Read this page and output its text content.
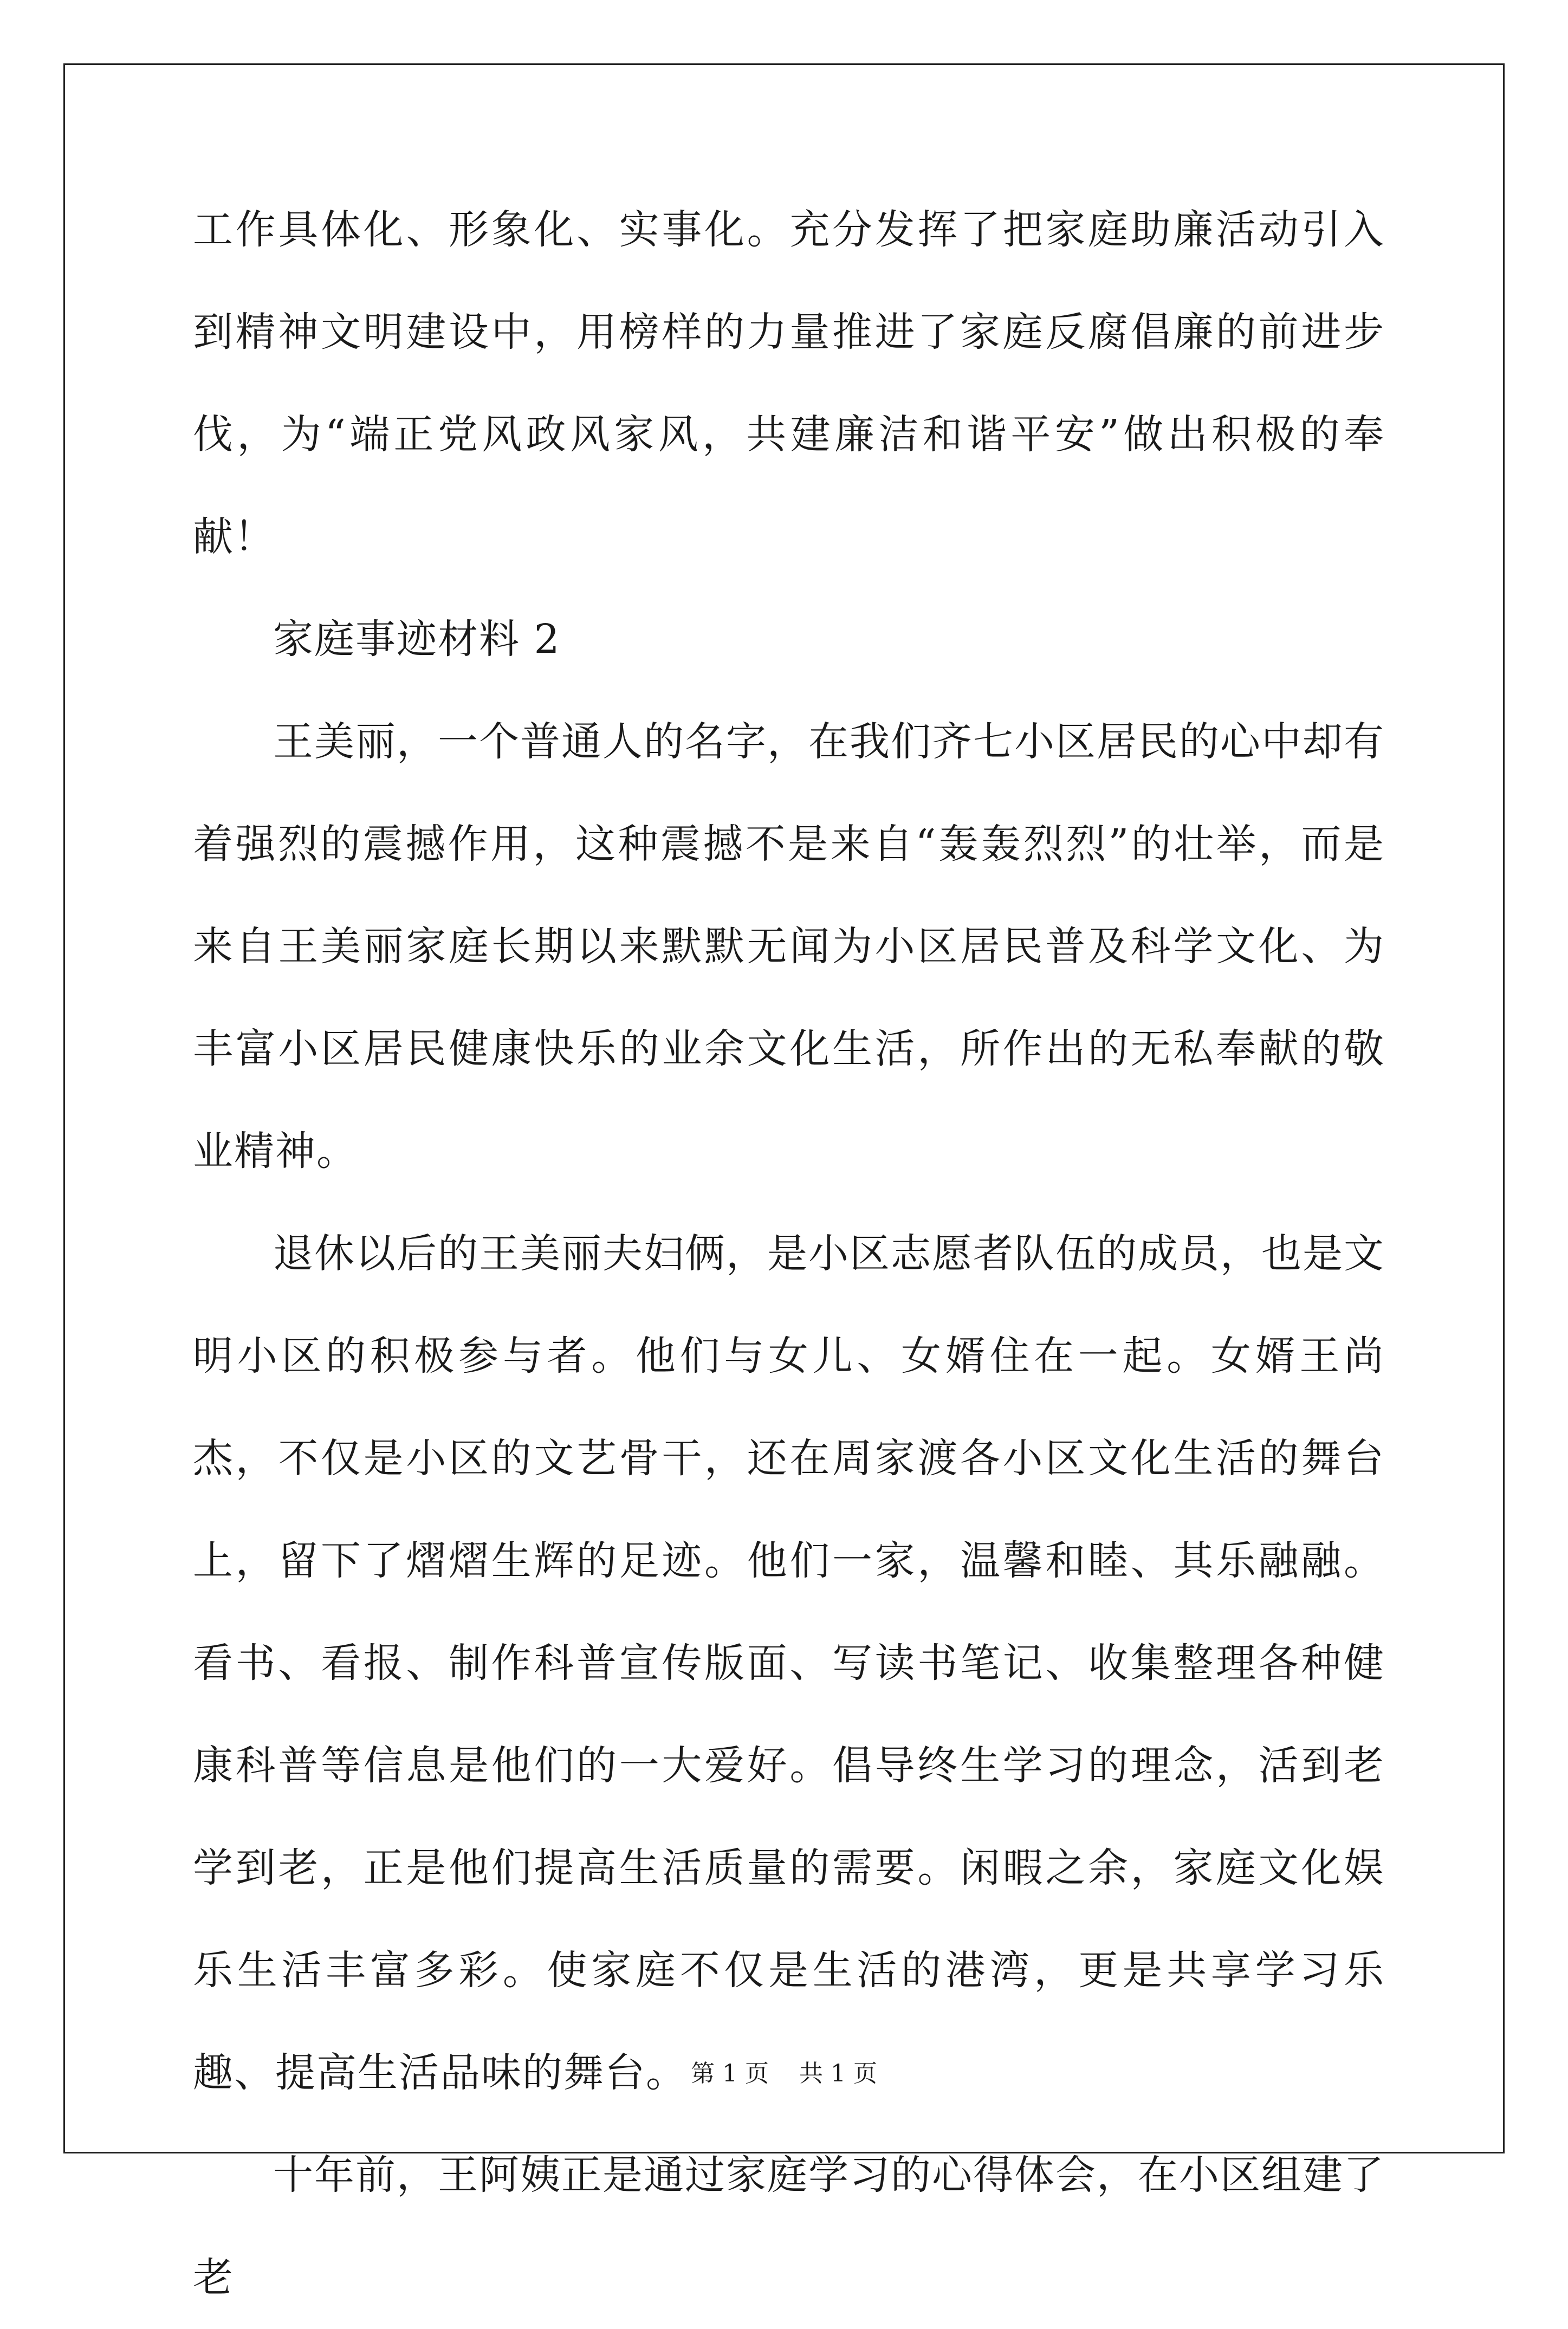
工作具体化、形象化、实事化。充分发挥了把家庭助廉活动引入到精神文明建设中，用榜样的力量推进了家庭反腐倡廉的前进步伐，为“端正党风政风家风，共建廉洁和谐平安”做出积极的奉献！

家庭事迹材料 2

王美丽，一个普通人的名字，在我们齐七小区居民的心中却有着强烈的震撼作用，这种震撼不是来自“轰轰烈烈”的壮举，而是来自王美丽家庭长期以来默默无闻为小区居民普及科学文化、为丰富小区居民健康快乐的业余文化生活，所作出的无私奉献的敬业精神。

退休以后的王美丽夫妇俩，是小区志愿者队伍的成员，也是文明小区的积极参与者。他们与女儿、女婿住在一起。女婿王尚杰，不仅是小区的文艺骨干，还在周家渡各小区文化生活的舞台上，留下了熠熠生辉的足迹。他们一家，温馨和睦、其乐融融。看书、看报、制作科普宣传版面、写读书笔记、收集整理各种健康科普等信息是他们的一大爱好。倡导终生学习的理念，活到老学到老，正是他们提高生活质量的需要。闲暇之余，家庭文化娱乐生活丰富多彩。使家庭不仅是生活的港湾，更是共享学习乐趣、提高生活品味的舞台。

十年前，王阿姨正是通过家庭学习的心得体会，在小区组建了老

第 1 页 共 1 页
